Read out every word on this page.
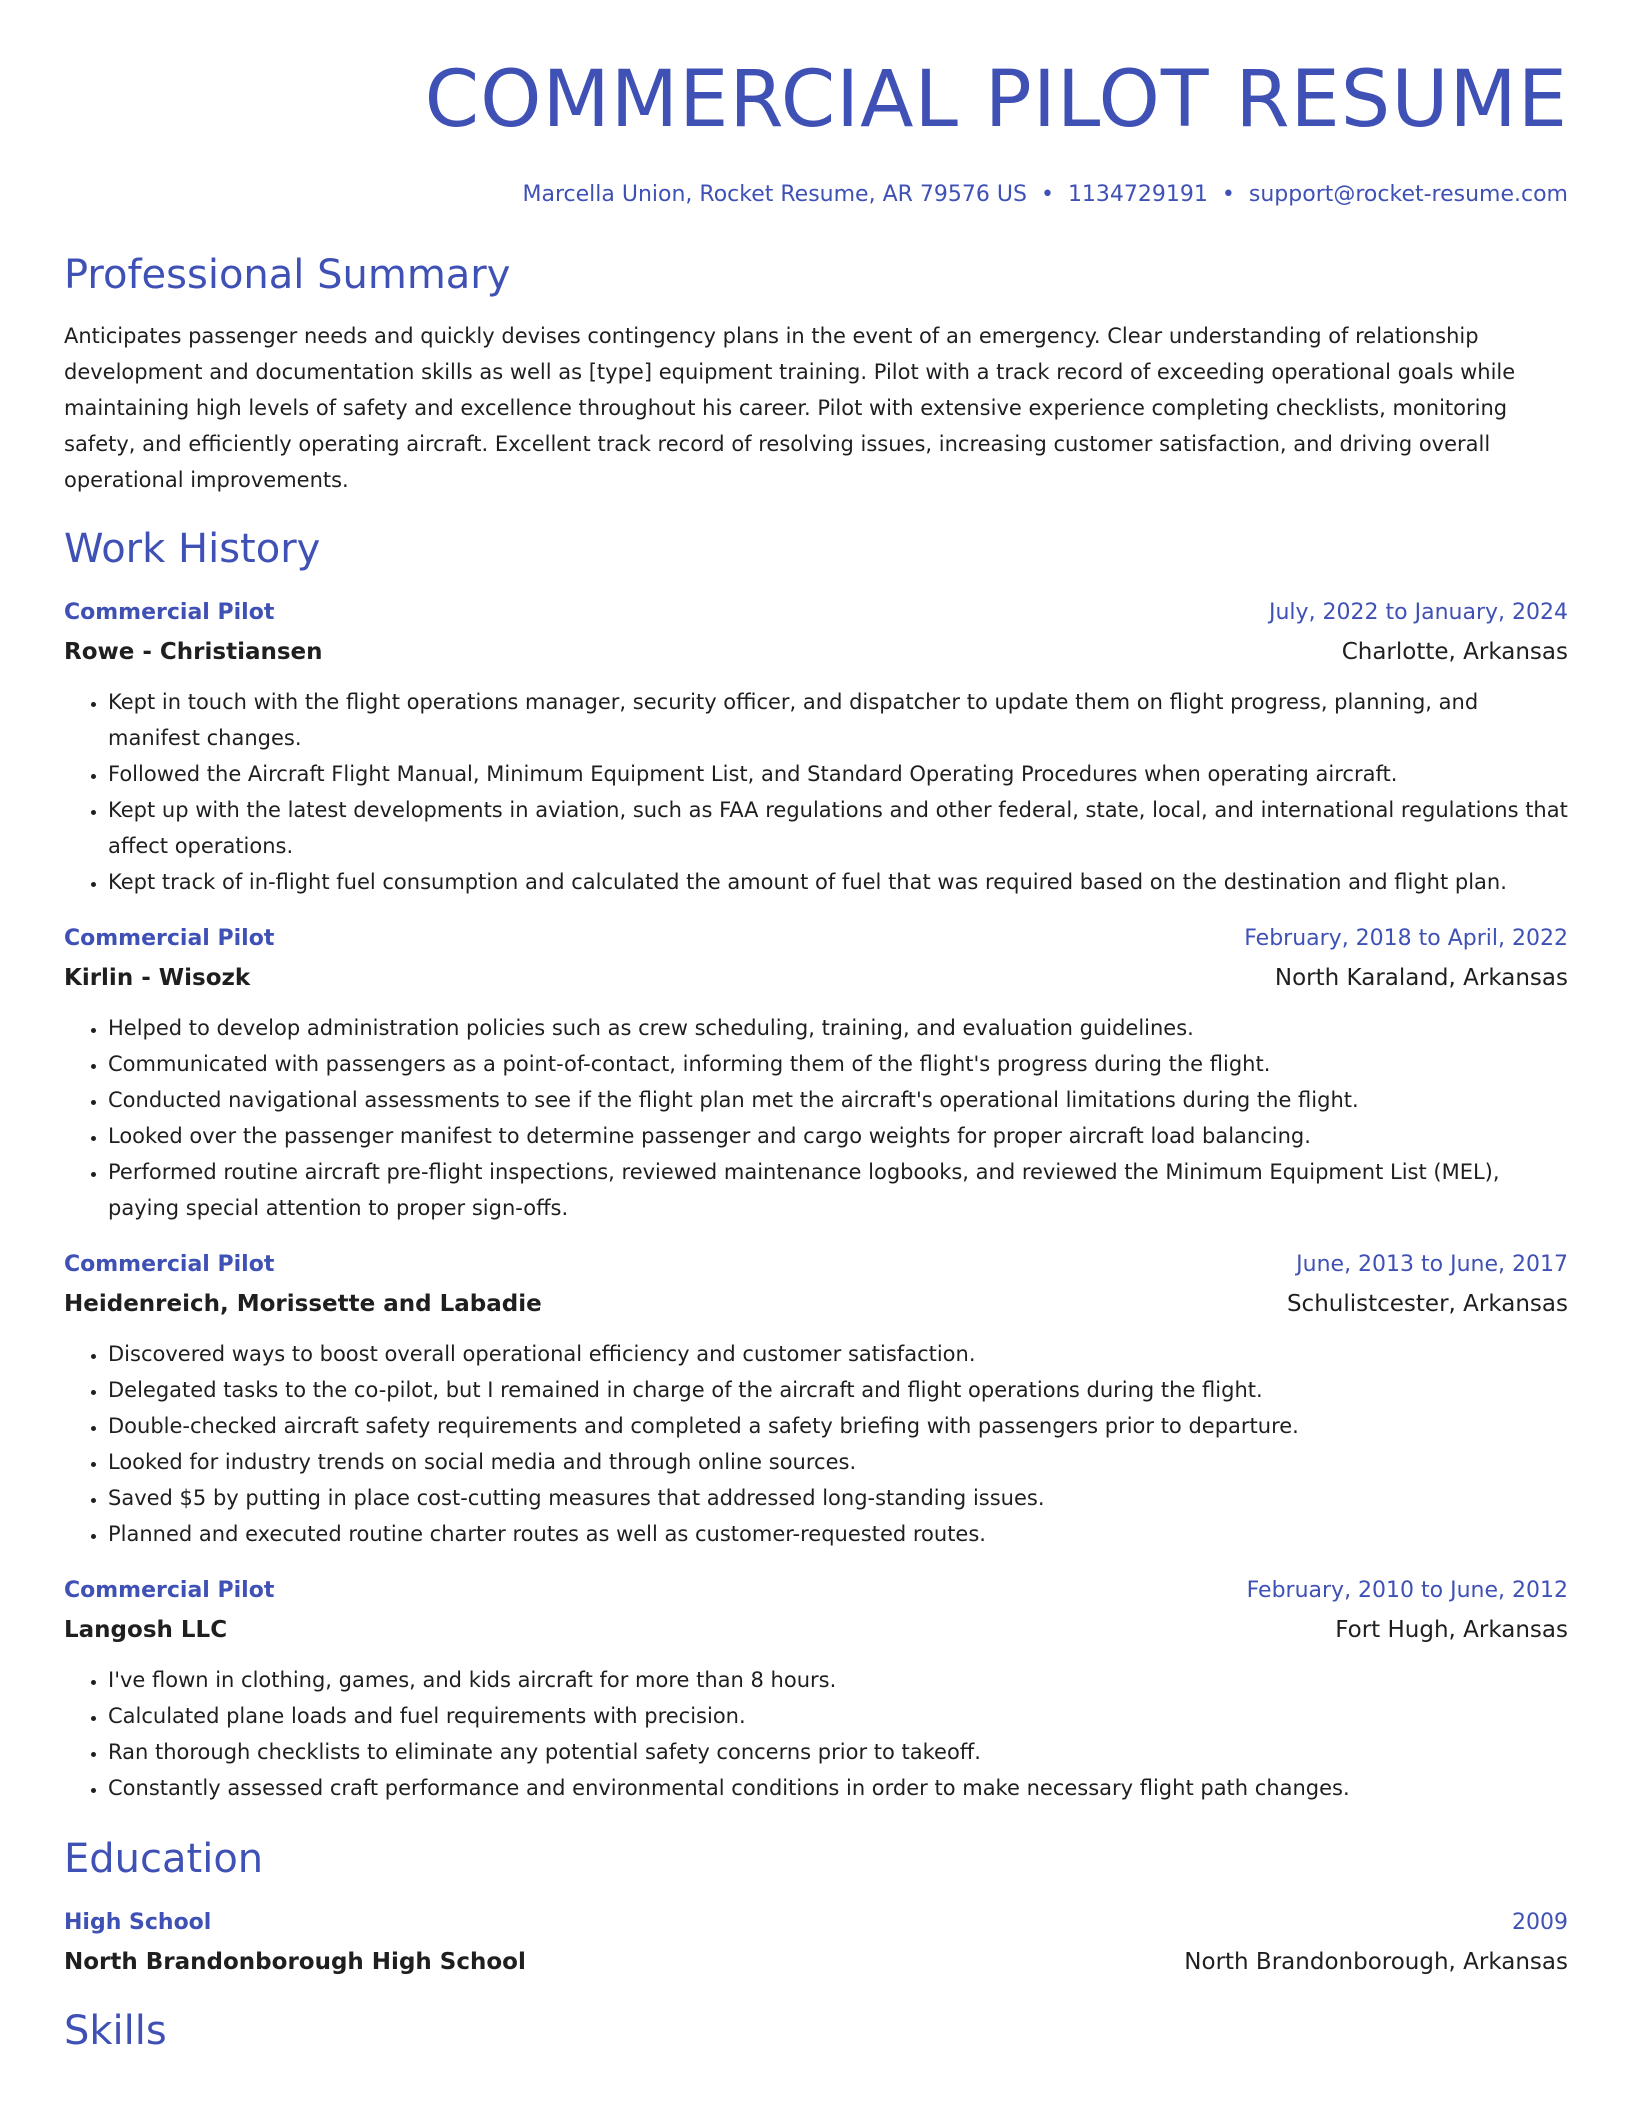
COMMERCIAL PILOT RESUME
Marcella Union, Rocket Resume, AR 79576 US • 1134729191 • support@rocket-resume.com
Professional Summary
Anticipates passenger needs and quickly devises contingency plans in the event of an emergency. Clear understanding of relationship development and documentation skills as well as [type] equipment training. Pilot with a track record of exceeding operational goals while maintaining high levels of safety and excellence throughout his career. Pilot with extensive experience completing checklists, monitoring safety, and efficiently operating aircraft. Excellent track record of resolving issues, increasing customer satisfaction, and driving overall operational improvements.
Work History
Commercial Pilot	July, 2022 to January, 2024
Rowe - Christiansen	Charlotte, Arkansas
• Kept in touch with the flight operations manager, security officer, and dispatcher to update them on flight progress, planning, and manifest changes.
• Followed the Aircraft Flight Manual, Minimum Equipment List, and Standard Operating Procedures when operating aircraft.
• Kept up with the latest developments in aviation, such as FAA regulations and other federal, state, local, and international regulations that affect operations.
• Kept track of in-flight fuel consumption and calculated the amount of fuel that was required based on the destination and flight plan.
Commercial Pilot	February, 2018 to April, 2022
Kirlin - Wisozk	North Karaland, Arkansas
• Helped to develop administration policies such as crew scheduling, training, and evaluation guidelines.
• Communicated with passengers as a point-of-contact, informing them of the flight's progress during the flight.
• Conducted navigational assessments to see if the flight plan met the aircraft's operational limitations during the flight.
• Looked over the passenger manifest to determine passenger and cargo weights for proper aircraft load balancing.
• Performed routine aircraft pre-flight inspections, reviewed maintenance logbooks, and reviewed the Minimum Equipment List (MEL), paying special attention to proper sign-offs.
Commercial Pilot	June, 2013 to June, 2017
Heidenreich, Morissette and Labadie	Schulistcester, Arkansas
• Discovered ways to boost overall operational efficiency and customer satisfaction.
• Delegated tasks to the co-pilot, but I remained in charge of the aircraft and flight operations during the flight.
• Double-checked aircraft safety requirements and completed a safety briefing with passengers prior to departure.
• Looked for industry trends on social media and through online sources.
• Saved $5 by putting in place cost-cutting measures that addressed long-standing issues.
• Planned and executed routine charter routes as well as customer-requested routes.
Commercial Pilot	February, 2010 to June, 2012
Langosh LLC	Fort Hugh, Arkansas
• I've flown in clothing, games, and kids aircraft for more than 8 hours.
• Calculated plane loads and fuel requirements with precision.
• Ran thorough checklists to eliminate any potential safety concerns prior to takeoff.
• Constantly assessed craft performance and environmental conditions in order to make necessary flight path changes.
Education
High School	2009
North Brandonborough High School	North Brandonborough, Arkansas
Skills
